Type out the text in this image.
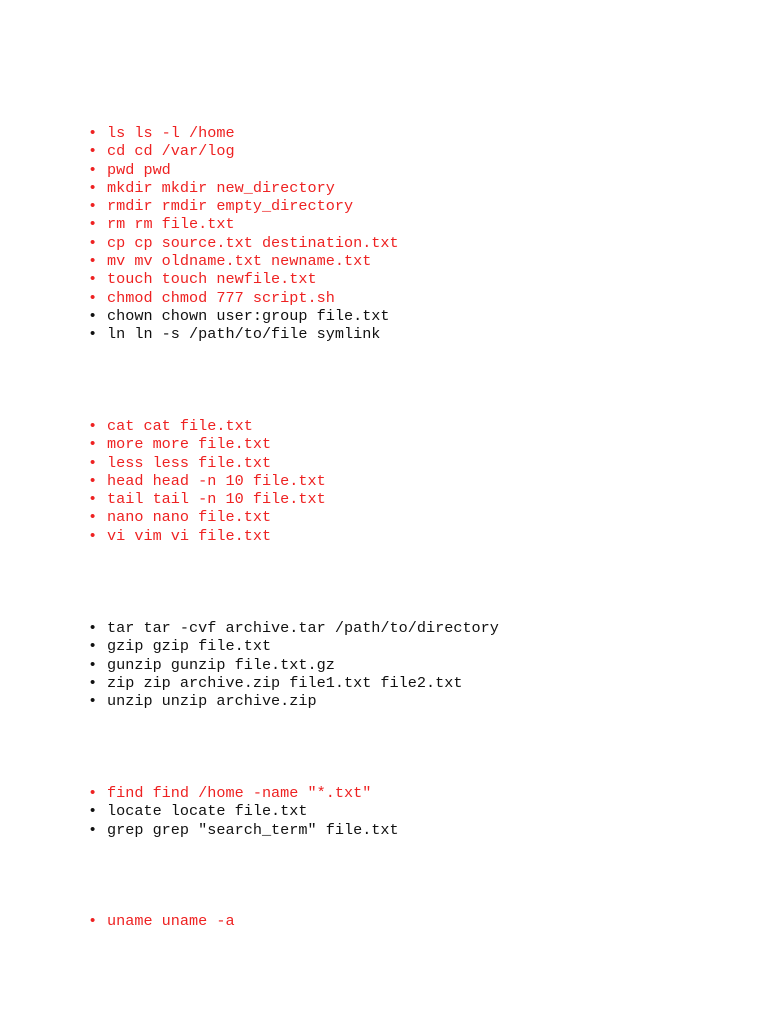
• ls ls -l /home
• cd cd /var/log
• pwd pwd
• mkdir mkdir new_directory
• rmdir rmdir empty_directory
• rm rm file.txt
• cp cp source.txt destination.txt
• mv mv oldname.txt newname.txt
• touch touch newfile.txt
• chmod chmod 777 script.sh
• chown chown user:group file.txt
• ln ln -s /path/to/file symlink
• cat cat file.txt
• more more file.txt
• less less file.txt
• head head -n 10 file.txt
• tail tail -n 10 file.txt
• nano nano file.txt
• vi vim vi file.txt
• tar tar -cvf archive.tar /path/to/directory
• gzip gzip file.txt
• gunzip gunzip file.txt.gz
• zip zip archive.zip file1.txt file2.txt
• unzip unzip archive.zip
• find find /home -name "*.txt"
• locate locate file.txt
• grep grep "search_term" file.txt
• uname uname -a
